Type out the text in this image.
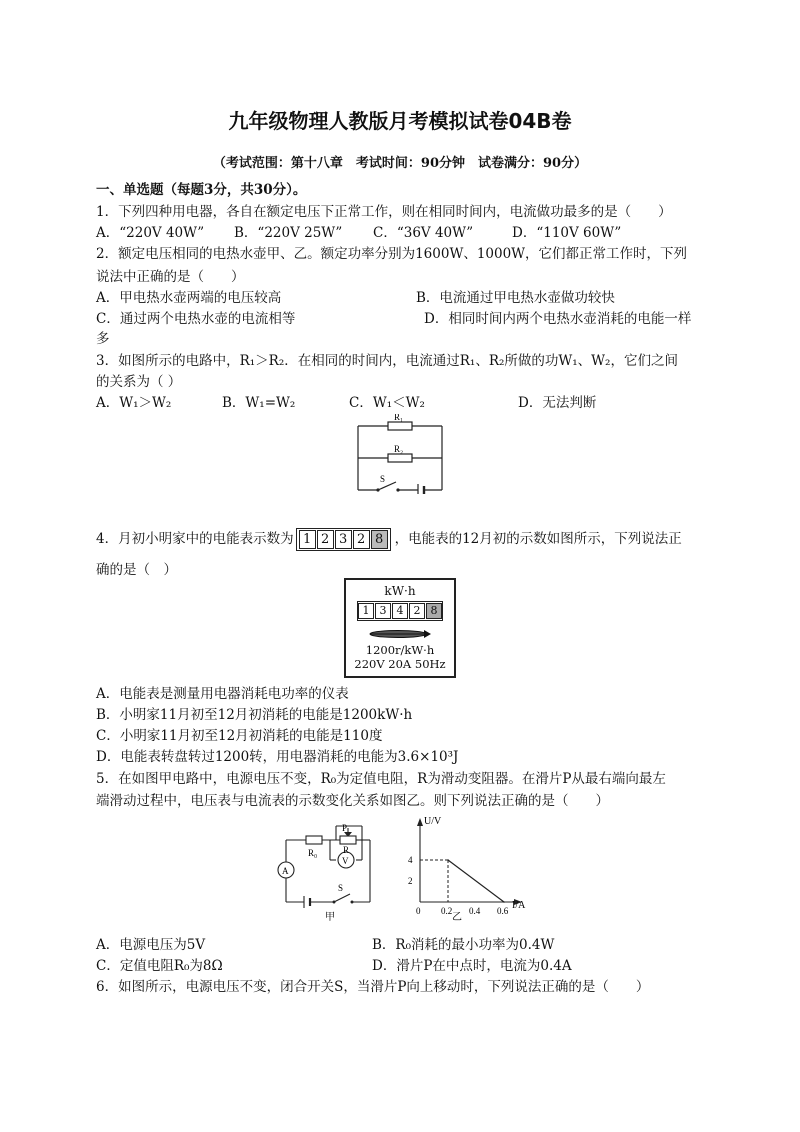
九年级物理人教版月考模拟试卷04B卷
（考试范围：第十八章　考试时间：90分钟　试卷满分：90分）
一、单选题（每题3分，共30分）。
1．下列四种用电器，各自在额定电压下正常工作，则在相同时间内，电流做功最多的是（　　）
A．“220V 40W” B．“220V 25W” C．“36V 40W”	D．“110V 60W”
2．额定电压相同的电热水壶甲、乙。额定功率分别为1600W、1000W，它们都正常工作时，下列
说法中正确的是（　　）
A．甲电热水壶两端的电压较高	B．电流通过甲电热水壶做功较快
C．通过两个电热水壶的电流相等	D．相同时间内两个电热水壶消耗的电能一样
多
3．如图所示的电路中，R₁＞R₂．在相同的时间内，电流通过R₁、R₂所做的功W₁、W₂，它们之间
的关系为（ ）
A．W₁＞W₂	B．W₁=W₂	C．W₁＜W₂	D．无法判断
R₁
R₂
S
4．月初小明家中的电能表示数为 1 2 3 2 8 ，电能表的12月初的示数如图所示，下列说法正
确的是（　）
kW·h
1 3 4 2 8
1200r/kW·h
220V 20A 50Hz
A．电能表是测量用电器消耗电功率的仪表
B．小明家11月初至12月初消耗的电能是1200kW·h
C．小明家11月初至12月初消耗的电能是110度
D．电能表转盘转过1200转，用电器消耗的电能为3.6×10³J
5．在如图甲电路中，电源电压不变，R₀为定值电阻，R为滑动变阻器。在滑片P从最右端向最左
端滑动过程中，电压表与电流表的示数变化关系如图乙。则下列说法正确的是（　　）
R₀	R
P
A
V
S
甲
U/V
I/A
乙
0 0.2 0.4 0.6
2
4
A．电源电压为5V	B．R₀消耗的最小功率为0.4W
C．定值电阻R₀为8Ω	D．滑片P在中点时，电流为0.4A
6．如图所示，电源电压不变，闭合开关S，当滑片P向上移动时，下列说法正确的是（　　）
